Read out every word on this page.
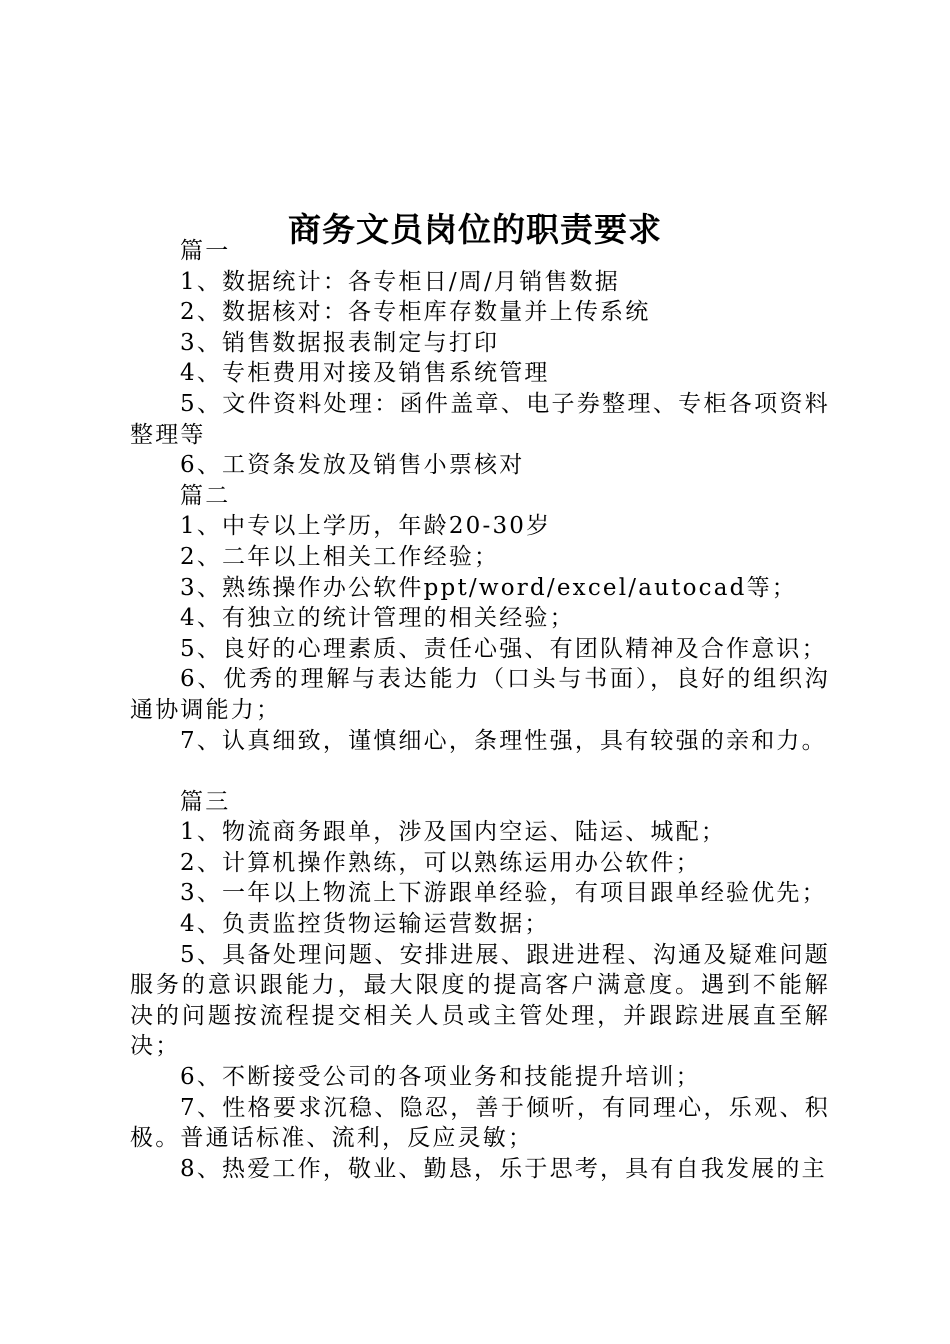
商务文员岗位的职责要求

篇一

1、数据统计：各专柜日/周/月销售数据

2、数据核对：各专柜库存数量并上传系统

3、销售数据报表制定与打印

4、专柜费用对接及销售系统管理

5、文件资料处理：函件盖章、电子券整理、专柜各项资料整理等

6、工资条发放及销售小票核对

篇二

1、中专以上学历，年龄20-30岁

2、二年以上相关工作经验；

3、熟练操作办公软件ppt/word/excel/autocad等；

4、有独立的统计管理的相关经验；

5、良好的心理素质、责任心强、有团队精神及合作意识；

6、优秀的理解与表达能力（口头与书面），良好的组织沟通协调能力；

7、认真细致，谨慎细心，条理性强，具有较强的亲和力。

篇三

1、物流商务跟单，涉及国内空运、陆运、城配；

2、计算机操作熟练，可以熟练运用办公软件；

3、一年以上物流上下游跟单经验，有项目跟单经验优先；

4、负责监控货物运输运营数据；

5、具备处理问题、安排进展、跟进进程、沟通及疑难问题服务的意识跟能力，最大限度的提高客户满意度。遇到不能解决的问题按流程提交相关人员或主管处理，并跟踪进展直至解决；

6、不断接受公司的各项业务和技能提升培训；

7、性格要求沉稳、隐忍，善于倾听，有同理心，乐观、积极。普通话标准、流利，反应灵敏；

8、热爱工作，敬业、勤恳，乐于思考，具有自我发展的主
